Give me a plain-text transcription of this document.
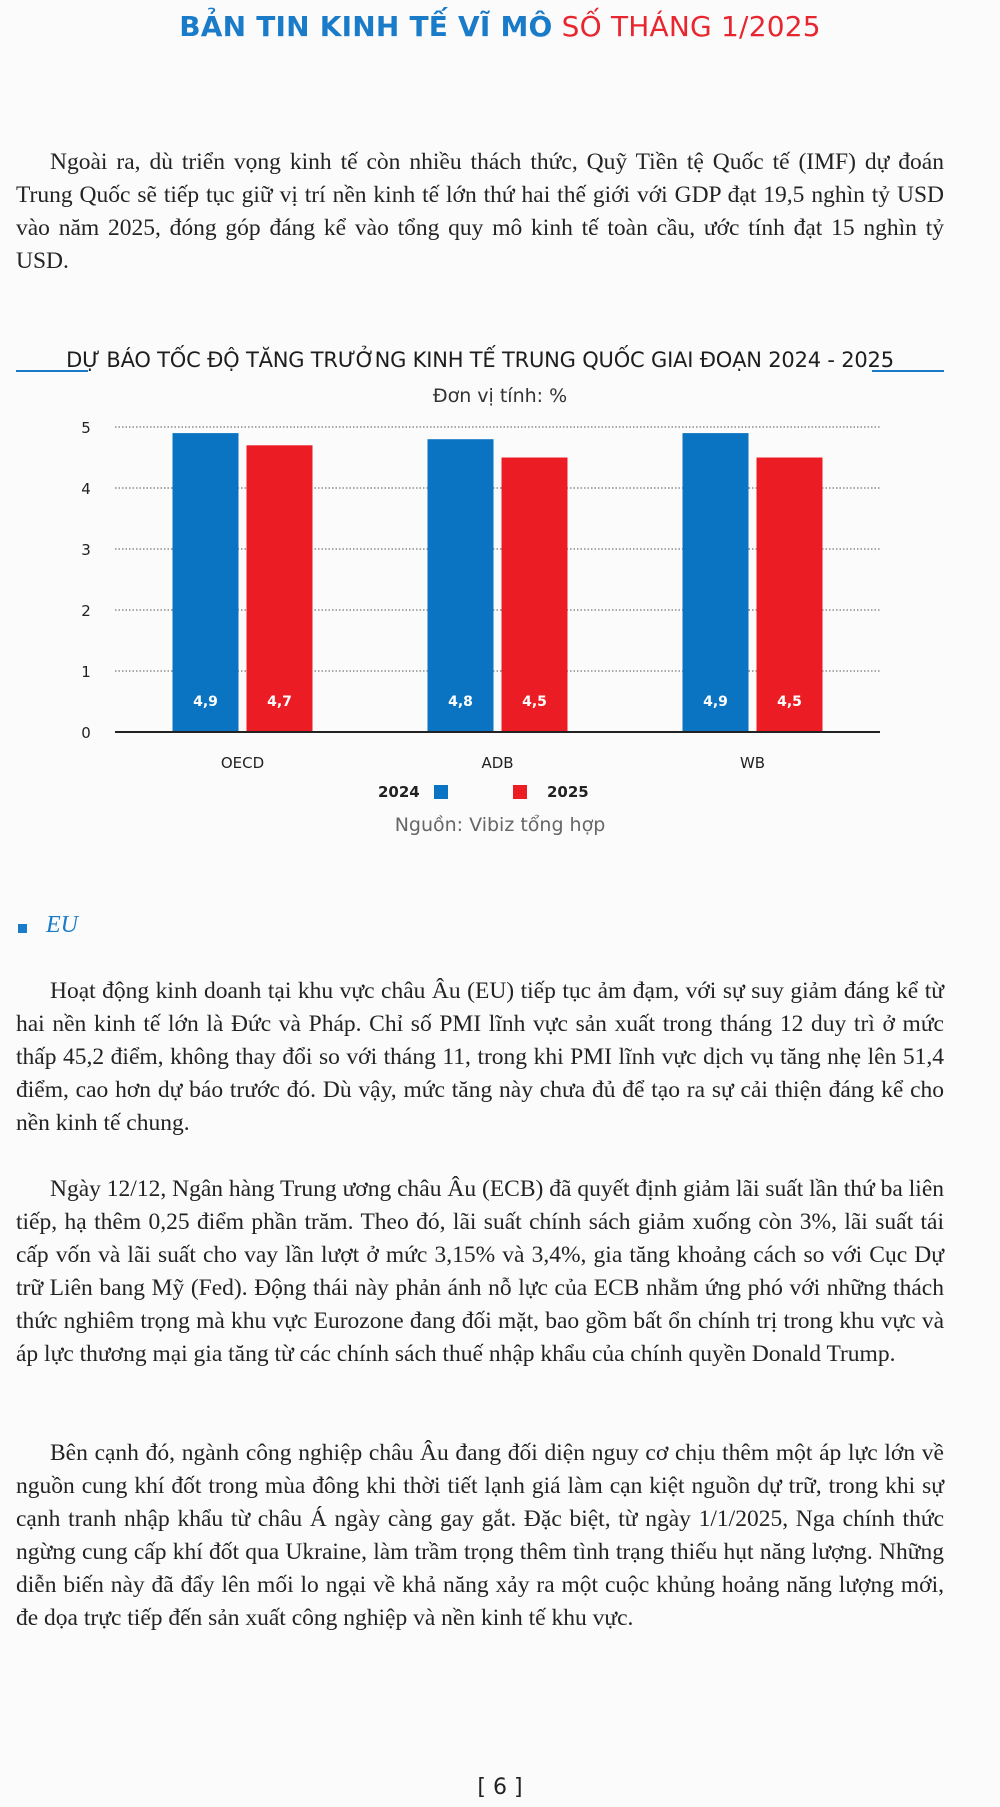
BẢN TIN KINH TẾ VĨ MÔ SỐ THÁNG 1/2025

Ngoài ra, dù triển vọng kinh tế còn nhiều thách thức, Quỹ Tiền tệ Quốc tế (IMF) dự đoán Trung Quốc sẽ tiếp tục giữ vị trí nền kinh tế lớn thứ hai thế giới với GDP đạt 19,5 nghìn tỷ USD vào năm 2025, đóng góp đáng kể vào tổng quy mô kinh tế toàn cầu, ước tính đạt 15 nghìn tỷ USD.

DỰ BÁO TỐC ĐỘ TĂNG TRƯỞNG KINH TẾ TRUNG QUỐC GIAI ĐOẠN 2024 - 2025
Đơn vị tính: %
0
1
2
3
4
5
4,9	4,7
OECD
4,8	4,5
ADB
4,9	4,5
WB
2024	2025
Nguồn: Vibiz tổng hợp
EU

Hoạt động kinh doanh tại khu vực châu Âu (EU) tiếp tục ảm đạm, với sự suy giảm đáng kể từ hai nền kinh tế lớn là Đức và Pháp. Chỉ số PMI lĩnh vực sản xuất trong tháng 12 duy trì ở mức thấp 45,2 điểm, không thay đổi so với tháng 11, trong khi PMI lĩnh vực dịch vụ tăng nhẹ lên 51,4 điểm, cao hơn dự báo trước đó. Dù vậy, mức tăng này chưa đủ để tạo ra sự cải thiện đáng kể cho nền kinh tế chung.

Ngày 12/12, Ngân hàng Trung ương châu Âu (ECB) đã quyết định giảm lãi suất lần thứ ba liên tiếp, hạ thêm 0,25 điểm phần trăm. Theo đó, lãi suất chính sách giảm xuống còn 3%, lãi suất tái cấp vốn và lãi suất cho vay lần lượt ở mức 3,15% và 3,4%, gia tăng khoảng cách so với Cục Dự trữ Liên bang Mỹ (Fed). Động thái này phản ánh nỗ lực của ECB nhằm ứng phó với những thách thức nghiêm trọng mà khu vực Eurozone đang đối mặt, bao gồm bất ổn chính trị trong khu vực và áp lực thương mại gia tăng từ các chính sách thuế nhập khẩu của chính quyền Donald Trump.

Bên cạnh đó, ngành công nghiệp châu Âu đang đối diện nguy cơ chịu thêm một áp lực lớn về nguồn cung khí đốt trong mùa đông khi thời tiết lạnh giá làm cạn kiệt nguồn dự trữ, trong khi sự cạnh tranh nhập khẩu từ châu Á ngày càng gay gắt. Đặc biệt, từ ngày 1/1/2025, Nga chính thức ngừng cung cấp khí đốt qua Ukraine, làm trầm trọng thêm tình trạng thiếu hụt năng lượng. Những diễn biến này đã đẩy lên mối lo ngại về khả năng xảy ra một cuộc khủng hoảng năng lượng mới, đe dọa trực tiếp đến sản xuất công nghiệp và nền kinh tế khu vực.

[ 6 ]
